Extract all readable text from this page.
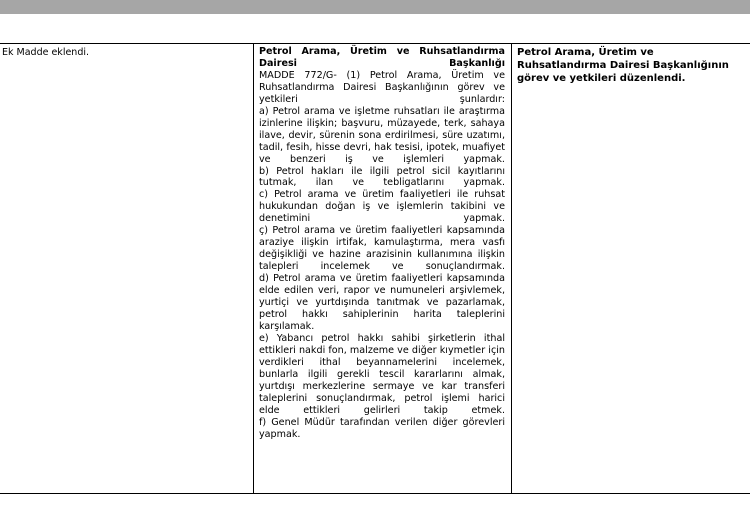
Ek Madde eklendi.	Petrol Arama, Üretim ve Ruhsatlandırma
Dairesi	Başkanlığı
MADDE 772/G- (1) Petrol Arama, Üretim ve Ruhsatlandırma Dairesi Başkanlığının görev ve yetkileri şunlardır:
a) Petrol arama ve işletme ruhsatları ile araştırma izinlerine ilişkin; başvuru, müzayede, terk, sahaya ilave, devir, sürenin sona erdirilmesi, süre uzatımı, tadil, fesih, hisse devri, hak tesisi, ipotek, muafiyet ve benzeri iş ve işlemleri yapmak.
b) Petrol hakları ile ilgili petrol sicil kayıtlarını tutmak, ilan ve tebligatlarını yapmak.
c) Petrol arama ve üretim faaliyetleri ile ruhsat hukukundan doğan iş ve işlemlerin takibini ve denetimini yapmak.
ç) Petrol arama ve üretim faaliyetleri kapsamında araziye ilişkin irtifak, kamulaştırma, mera vasfı değişikliği ve hazine arazisinin kullanımına ilişkin talepleri incelemek ve sonuçlandırmak.
d) Petrol arama ve üretim faaliyetleri kapsamında elde edilen veri, rapor ve numuneleri arşivlemek, yurtiçi ve yurtdışında tanıtmak ve pazarlamak, petrol hakkı sahiplerinin harita taleplerini karşılamak.
e) Yabancı petrol hakkı sahibi şirketlerin ithal ettikleri nakdi fon, malzeme ve diğer kıymetler için verdikleri ithal beyannamelerini incelemek, bunlarla ilgili gerekli tescil kararlarını almak, yurtdışı merkezlerine sermaye ve kar transferi taleplerini sonuçlandırmak, petrol işlemi harici elde ettikleri gelirleri takip etmek.
f) Genel Müdür tarafından verilen diğer görevleri yapmak.
Petrol Arama, Üretim ve Ruhsatlandırma Dairesi Başkanlığının görev ve yetkileri düzenlendi.
